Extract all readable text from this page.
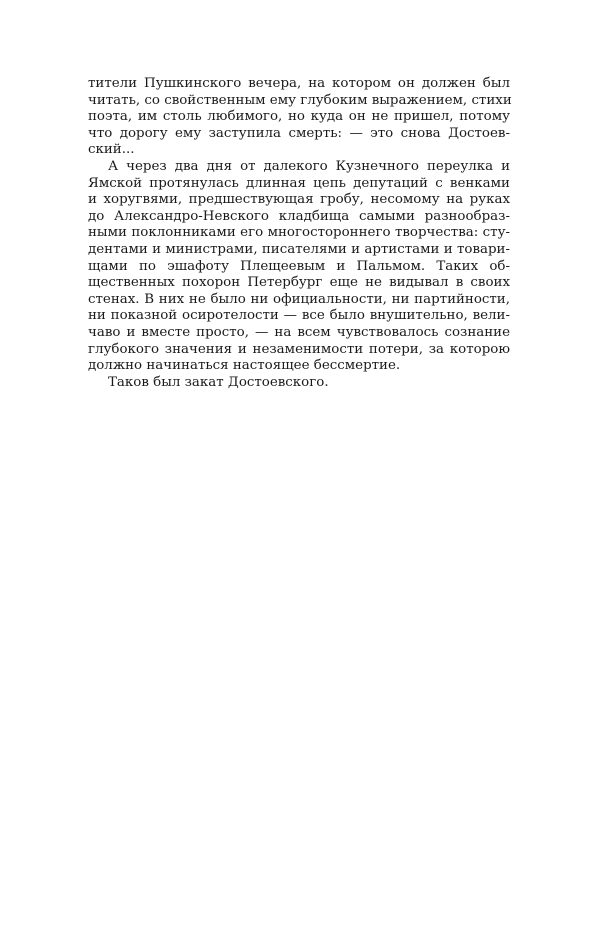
тители Пушкинского вечера, на котором он должен был
читать, со свойственным ему глубоким выражением, стихи
поэта, им столь любимого, но куда он не пришел, потому
что дорогу ему заступила смерть: — это снова Достоев-
ский...
А через два дня от далекого Кузнечного переулка и
Ямской протянулась длинная цепь депутаций с венками
и хоругвями, предшествующая гробу, несомому на руках
до Александро-Невского кладбища самыми разнообраз-
ными поклонниками его многостороннего творчества: сту-
дентами и министрами, писателями и артистами и товари-
щами по эшафоту Плещеевым и Пальмом. Таких об-
щественных похорон Петербург еще не видывал в своих
стенах. В них не было ни официальности, ни партийности,
ни показной осиротелости — все было внушительно, вели-
чаво и вместе просто, — на всем чувствовалось сознание
глубокого значения и незаменимости потери, за которою
должно начинаться настоящее бессмертие.
Таков был закат Достоевского.
